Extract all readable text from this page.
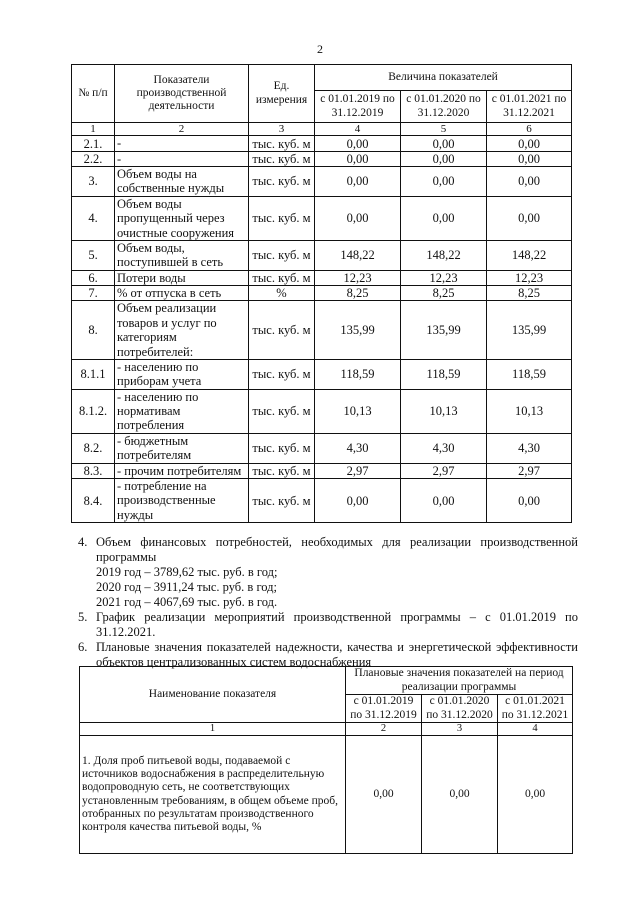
2
№ п/п	Показатели производственной деятельности	Ед. измерения	Величина показателей		
			с 01.01.2019 по 31.12.2019	с 01.01.2020 по 31.12.2020	с 01.01.2021 по 31.12.2021
1	2	3	4	5	6
2.1.	-	тыс. куб. м	0,00	0,00	0,00
2.2.	-	тыс. куб. м	0,00	0,00	0,00
3.	Объем воды на собственные нужды	тыс. куб. м	0,00	0,00	0,00
4.	Объем воды пропущенный через очистные сооружения	тыс. куб. м	0,00	0,00	0,00
5.	Объем воды, поступившей в сеть	тыс. куб. м	148,22	148,22	148,22
6.	Потери воды	тыс. куб. м	12,23	12,23	12,23
7.	% от отпуска в сеть	%	8,25	8,25	8,25
8.	Объем реализации товаров и услуг по категориям потребителей:	тыс. куб. м	135,99	135,99	135,99
8.1.1	- населению по приборам учета	тыс. куб. м	118,59	118,59	118,59
8.1.2.	- населению по нормативам потребления	тыс. куб. м	10,13	10,13	10,13
8.2.	- бюджетным потребителям	тыс. куб. м	4,30	4,30	4,30
8.3.	- прочим потребителям	тыс. куб. м	2,97	2,97	2,97
8.4.	- потребление на производственные нужды	тыс. куб. м	0,00	0,00	0,00
4. Объем финансовых потребностей, необходимых для реализации производственной программы
2019 год – 3789,62 тыс. руб. в год;
2020 год – 3911,24 тыс. руб. в год;
2021 год – 4067,69 тыс. руб. в год.
5. График реализации мероприятий производственной программы – с 01.01.2019 по 31.12.2021.
6. Плановые значения показателей надежности, качества и энергетической эффективности объектов централизованных систем водоснабжения
Наименование показателя	Плановые значения показателей на период реализации программы		
	с 01.01.2019 по 31.12.2019	с 01.01.2020 по 31.12.2020	с 01.01.2021 по 31.12.2021
1	2	3	4
1. Доля проб питьевой воды, подаваемой с источников водоснабжения в распределительную водопроводную сеть, не соответствующих установленным требованиям, в общем объеме проб, отобранных по результатам производственного контроля качества питьевой воды, %	0,00	0,00	0,00
